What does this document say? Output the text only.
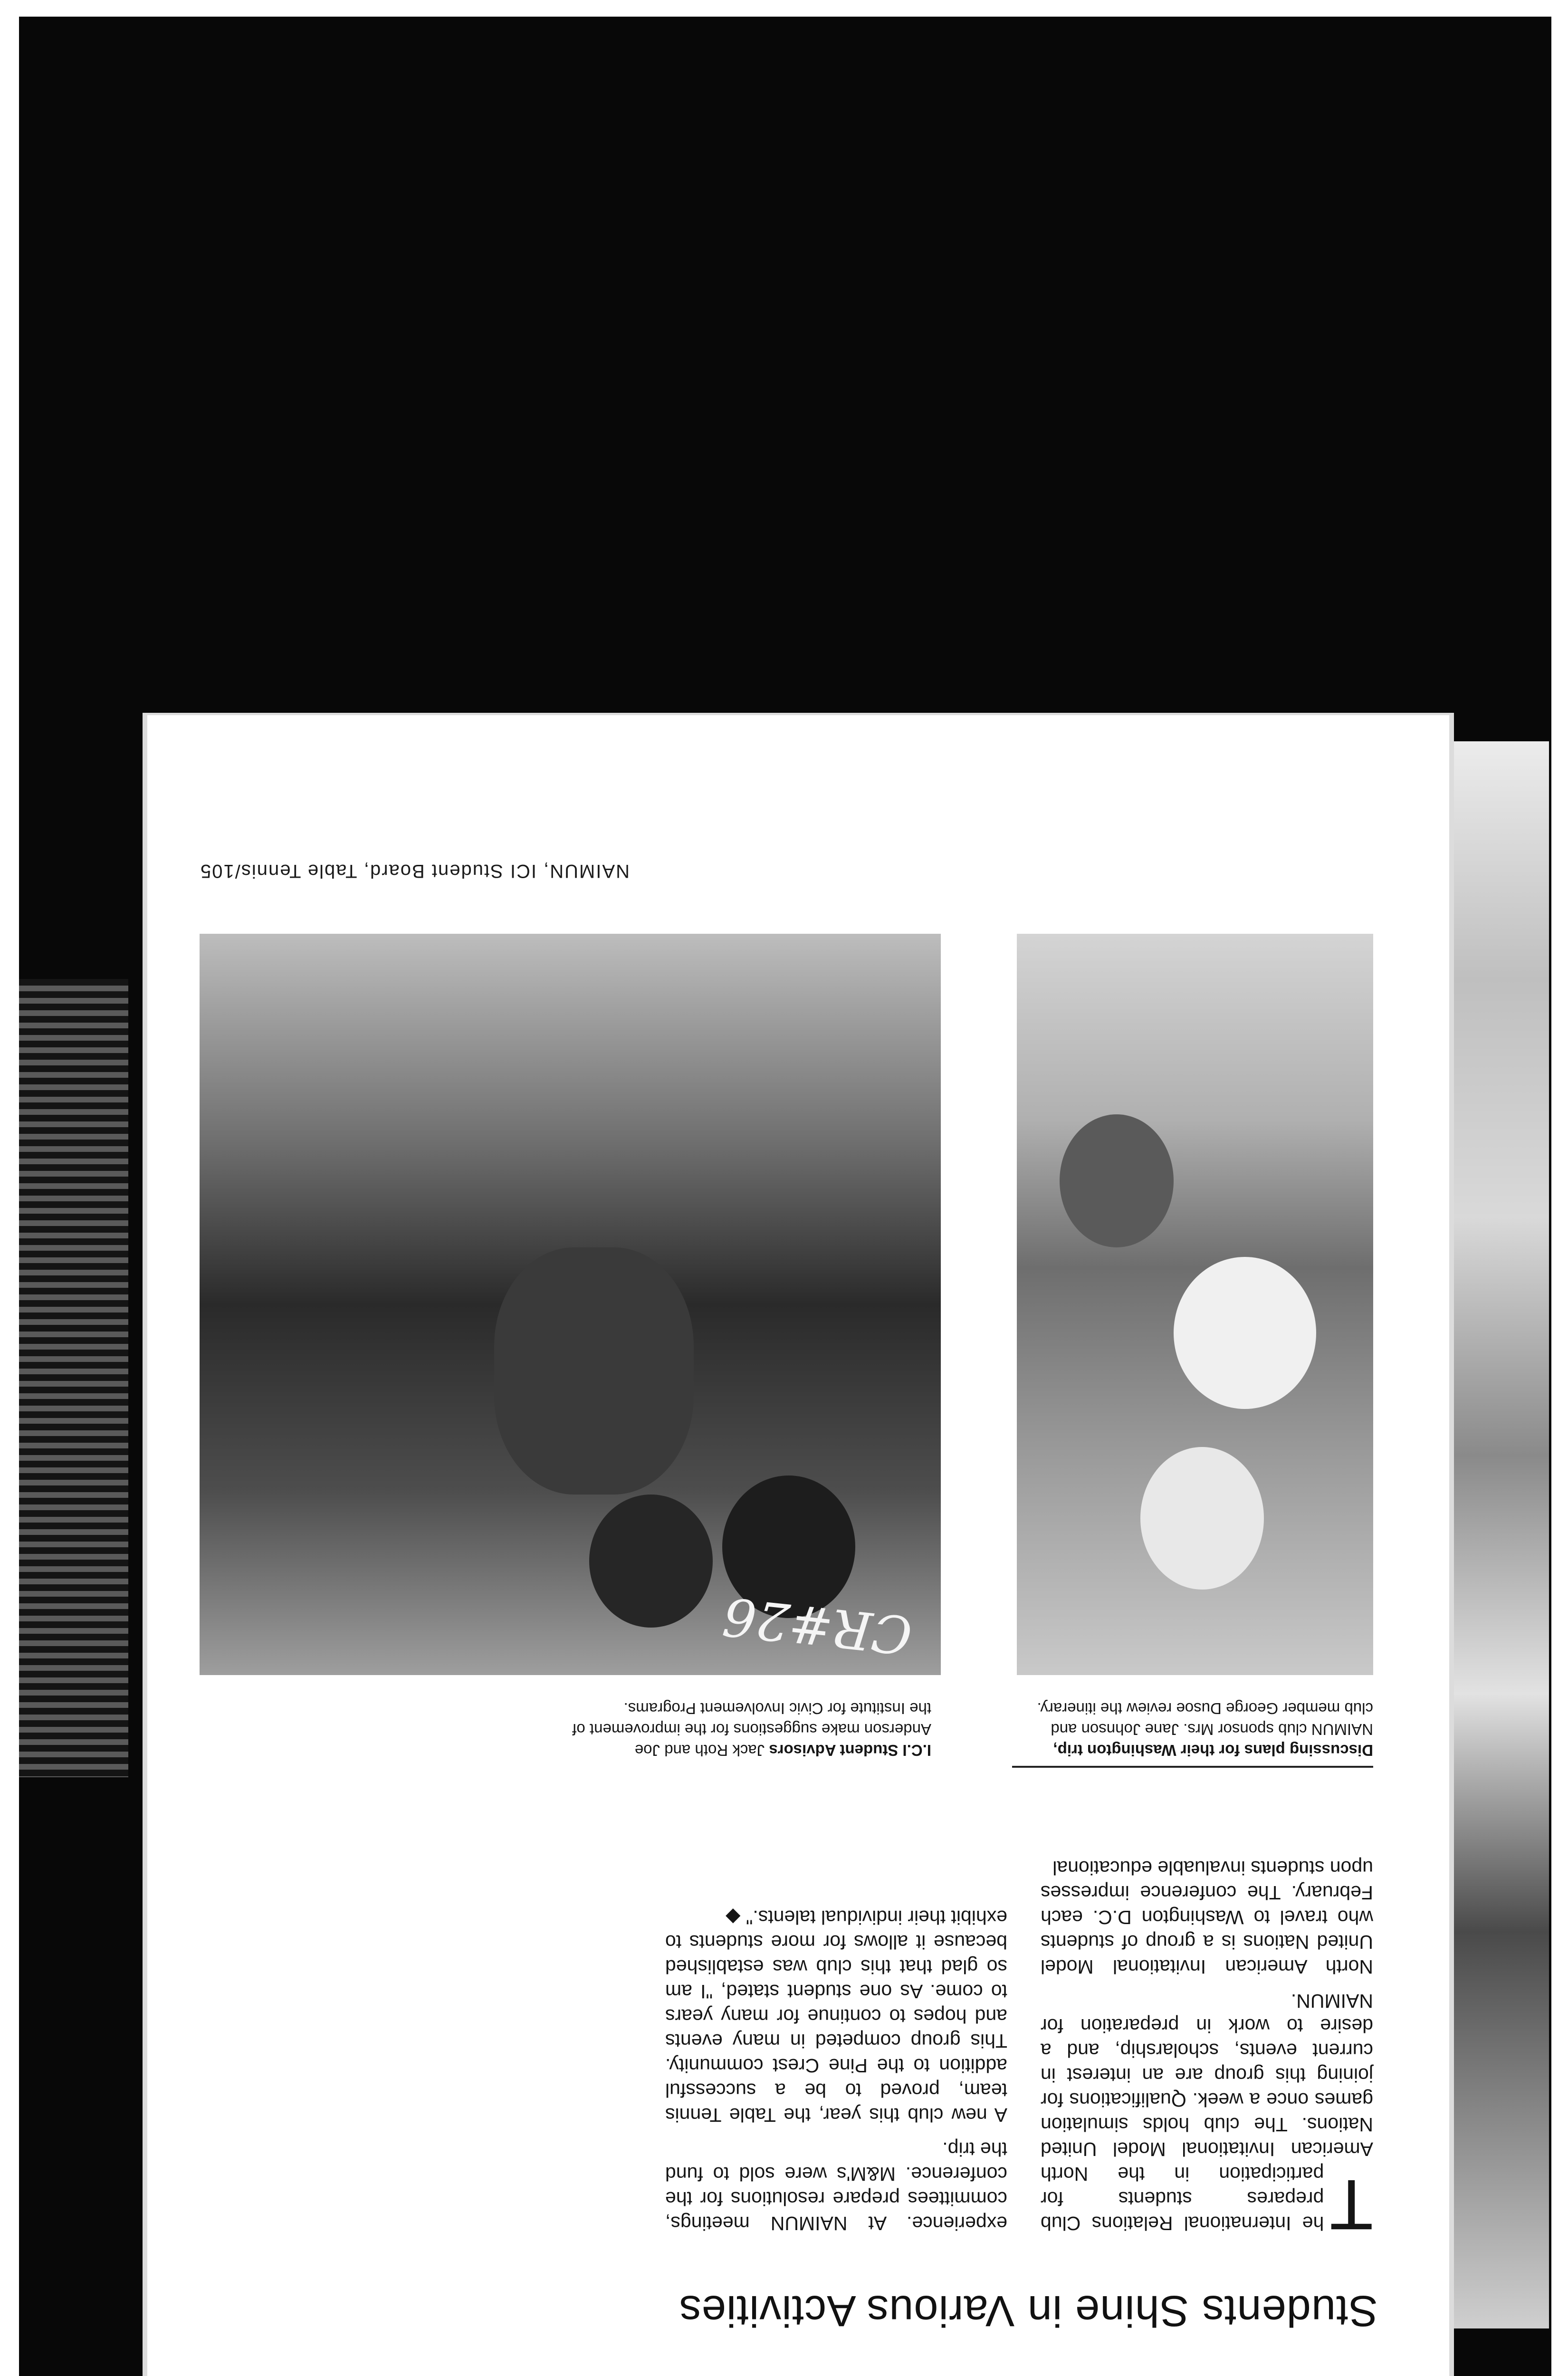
Students Shine in Various Activities

T
he International Relations Club prepares students for participation in the North American Invitational Model United Nations. The club holds simulation games once a week. Qualifications for joining this group are an interest in current events, scholarship, and a desire to work in preparation for NAIMUN.

North American Invitational Model United Nations is a group of students who travel to Washington D.C. each February. The conference impresses upon students invaluable educational

experience. At NAIMUN meetings, committees prepare resolutions for the conference. M&M's were sold to fund the trip.

A new club this year, the Table Tennis team, proved to be a successful addition to the Pine Crest community. This group competed in many events and hopes to continue for many years to come. As one student stated, "I am so glad that this club was established because it allows for more students to exhibit their individual talents." ◆

Discussing plans for their Washington trip, NAIMUN club sponsor Mrs. Jane Johnson and club member George Dusoe review the itinerary.
I.C.I Student Advisors Jack Roth and Joe Anderson make suggestions for the improvement of the Institute for Civic Involvement Programs.
CR#26
NAIMUN, ICI Student Board, Table Tennis/105
